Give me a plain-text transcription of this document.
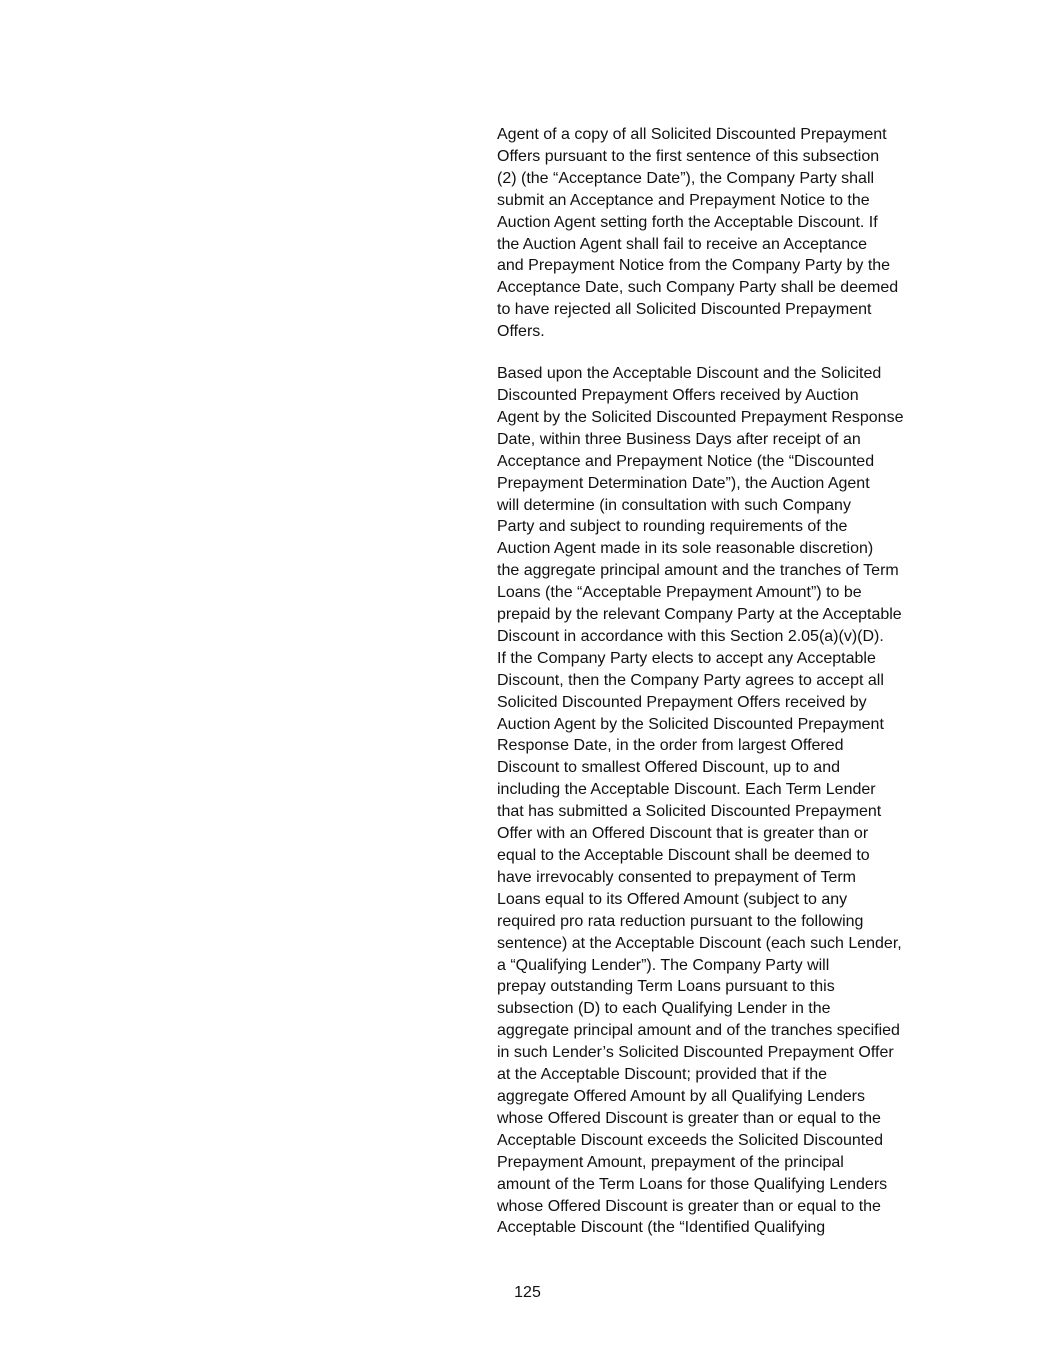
Agent of a copy of all Solicited Discounted Prepayment
Offers pursuant to the first sentence of this subsection
(2) (the “Acceptance Date”), the Company Party shall
submit an Acceptance and Prepayment Notice to the
Auction Agent setting forth the Acceptable Discount. If
the Auction Agent shall fail to receive an Acceptance
and Prepayment Notice from the Company Party by the
Acceptance Date, such Company Party shall be deemed
to have rejected all Solicited Discounted Prepayment
Offers.
Based upon the Acceptable Discount and the Solicited
Discounted Prepayment Offers received by Auction
Agent by the Solicited Discounted Prepayment Response
Date, within three Business Days after receipt of an
Acceptance and Prepayment Notice (the “Discounted
Prepayment Determination Date”), the Auction Agent
will determine (in consultation with such Company
Party and subject to rounding requirements of the
Auction Agent made in its sole reasonable discretion)
the aggregate principal amount and the tranches of Term
Loans (the “Acceptable Prepayment Amount”) to be
prepaid by the relevant Company Party at the Acceptable
Discount in accordance with this Section 2.05(a)(v)(D).
If the Company Party elects to accept any Acceptable
Discount, then the Company Party agrees to accept all
Solicited Discounted Prepayment Offers received by
Auction Agent by the Solicited Discounted Prepayment
Response Date, in the order from largest Offered
Discount to smallest Offered Discount, up to and
including the Acceptable Discount. Each Term Lender
that has submitted a Solicited Discounted Prepayment
Offer with an Offered Discount that is greater than or
equal to the Acceptable Discount shall be deemed to
have irrevocably consented to prepayment of Term
Loans equal to its Offered Amount (subject to any
required pro rata reduction pursuant to the following
sentence) at the Acceptable Discount (each such Lender,
a “Qualifying Lender”). The Company Party will
prepay outstanding Term Loans pursuant to this
subsection (D) to each Qualifying Lender in the
aggregate principal amount and of the tranches specified
in such Lender’s Solicited Discounted Prepayment Offer
at the Acceptable Discount; provided that if the
aggregate Offered Amount by all Qualifying Lenders
whose Offered Discount is greater than or equal to the
Acceptable Discount exceeds the Solicited Discounted
Prepayment Amount, prepayment of the principal
amount of the Term Loans for those Qualifying Lenders
whose Offered Discount is greater than or equal to the
Acceptable Discount (the “Identified Qualifying
125
